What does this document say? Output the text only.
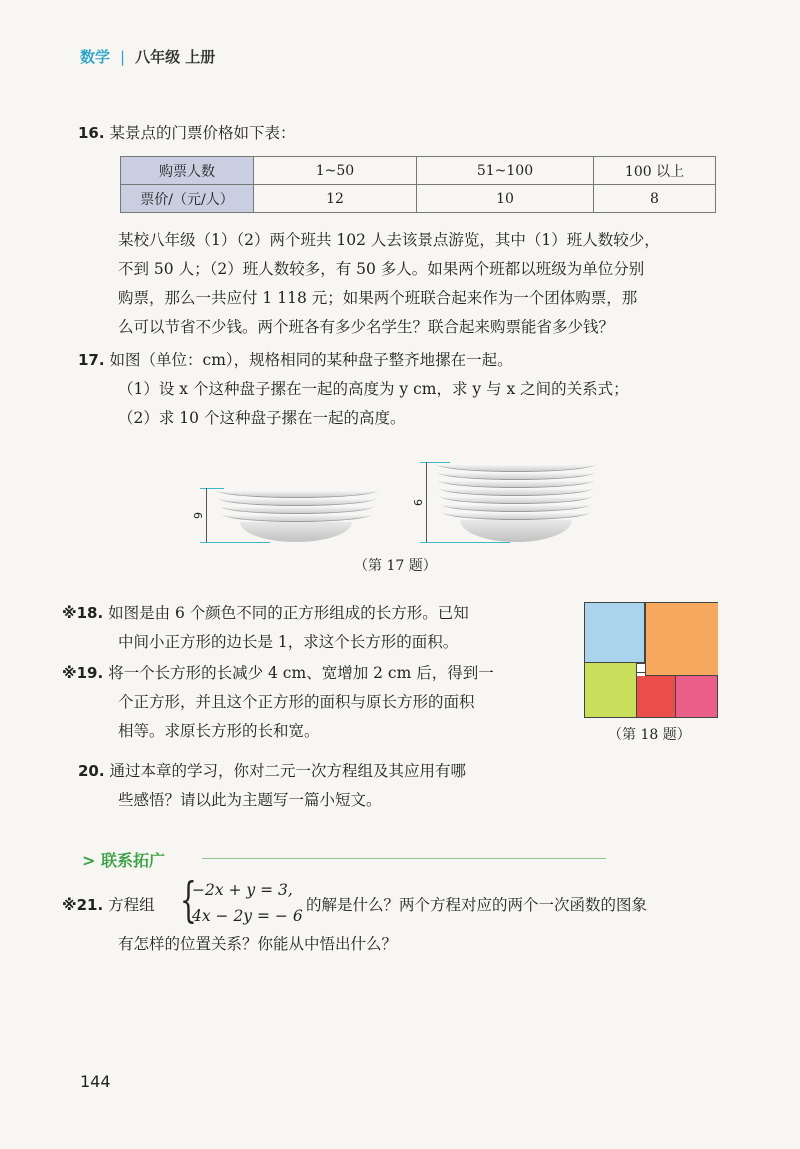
数学 | 八年级 上册
16. 某景点的门票价格如下表：
购票人数	1~50	51~100	100 以上
票价/（元/人）	12	10	8
某校八年级（1）（2）两个班共 102 人去该景点游览，其中（1）班人数较少，
不到 50 人；（2）班人数较多，有 50 多人。如果两个班都以班级为单位分别
购票，那么一共应付 1 118 元；如果两个班联合起来作为一个团体购票，那
么可以节省不少钱。两个班各有多少名学生？联合起来购票能省多少钱？
17. 如图（单位：cm），规格相同的某种盘子整齐地摞在一起。
（1）设 x 个这种盘子摞在一起的高度为 y cm，求 y 与 x 之间的关系式；
（2）求 10 个这种盘子摞在一起的高度。
6
9
（第 17 题）
※18. 如图是由 6 个颜色不同的正方形组成的长方形。已知
中间小正方形的边长是 1，求这个长方形的面积。
（第 18 题）
※19. 将一个长方形的长减少 4 cm、宽增加 2 cm 后，得到一
个正方形，并且这个正方形的面积与原长方形的面积
相等。求原长方形的长和宽。
20. 通过本章的学习，你对二元一次方程组及其应用有哪
些感悟？请以此为主题写一篇小短文。
> 联系拓广
※21. 方程组 {
−2x + y = 3,
4x − 2y = − 6
的解是什么？两个方程对应的两个一次函数的图象
有怎样的位置关系？你能从中悟出什么？
144
